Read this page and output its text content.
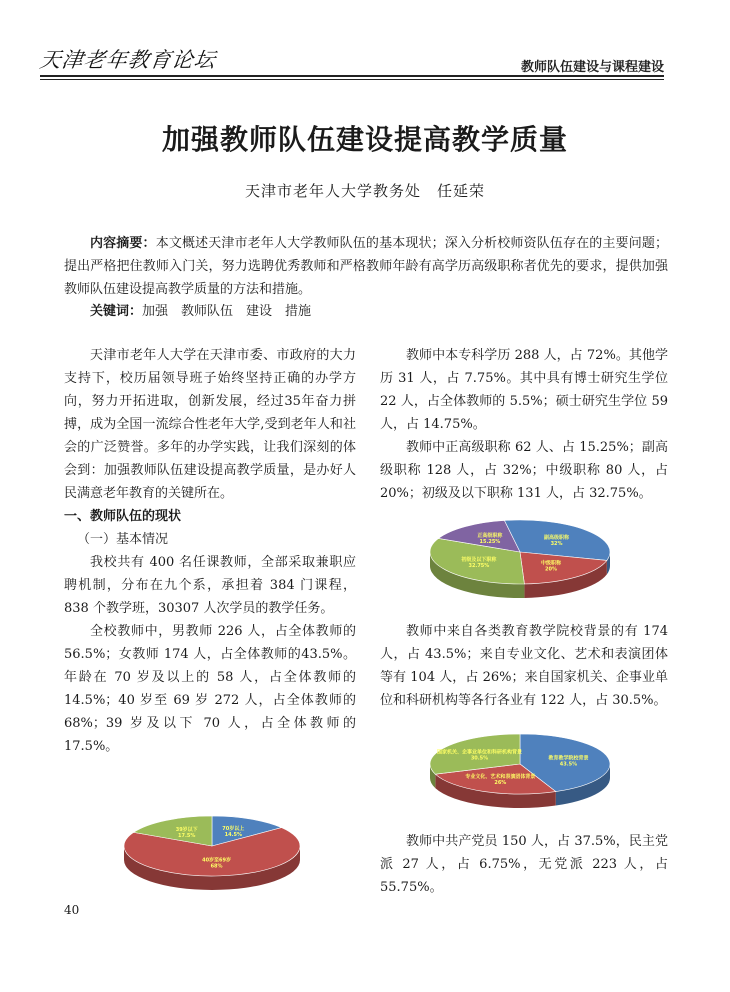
天津老年教育论坛	教师队伍建设与课程建设
加强教师队伍建设提高教学质量
天津市老年人大学教务处　任延荣
内容摘要：本文概述天津市老年人大学教师队伍的基本现状；深入分析校师资队伍存在的主要问题；提出严格把住教师入门关，努力选聘优秀教师和严格教师年龄有高学历高级职称者优先的要求，提供加强教师队伍建设提高教学质量的方法和措施。
关键词：加强　教师队伍　建设　措施

天津市老年人大学在天津市委、市政府的大力支持下，校历届领导班子始终坚持正确的办学方向，努力开拓进取，创新发展，经过35年奋力拼搏，成为全国一流综合性老年大学,受到老年人和社会的广泛赞誉。多年的办学实践，让我们深刻的体会到：加强教师队伍建设提高教学质量，是办好人民满意老年教育的关键所在。

一、教师队伍的现状

（一）基本情况

我校共有 400 名任课教师，全部采取兼职应聘机制，分布在九个系，承担着 384 门课程， 838 个教学班，30307 人次学员的教学任务。

全校教师中，男教师 226 人，占全体教师的 56.5%；女教师 174 人，占全体教师的43.5%。年龄在 70 岁及以上的 58 人，占全体教师的 14.5%；40 岁至 69 岁 272 人，占全体教师的 68%；39 岁及以下 70 人，占全体教师的 17.5%。

教师中本专科学历 288 人，占 72%。其他学历 31 人，占 7.75%。其中具有博士研究生学位 22 人，占全体教师的 5.5%；硕士研究生学位 59 人，占 14.75%。

教师中正高级职称 62 人、占 15.25%；副高级职称 128 人，占 32%；中级职称 80 人，占 20%；初级及以下职称 131 人，占 32.75%。

教师中来自各类教育教学院校背景的有 174 人，占 43.5%；来自专业文化、艺术和表演团体等有 104 人，占 26%；来自国家机关、企事业单位和科研机构等各行各业有 122 人，占 30.5%。

教师中共产党员 150 人，占 37.5%，民主党派 27 人，占 6.75%，无党派 223 人，占55.75%。

70岁以上 14.5%
40岁至69岁 68%
39岁以下 17.5%
副高级职称 32%
中级职称 20%
初级及以下职称 32.75%
正高级职称 15.25%
教育教学院校背景 43.5%
专业文化、艺术和表演团体背景 26%
国家机关、企事业单位和科研机构背景 30.5%
40
